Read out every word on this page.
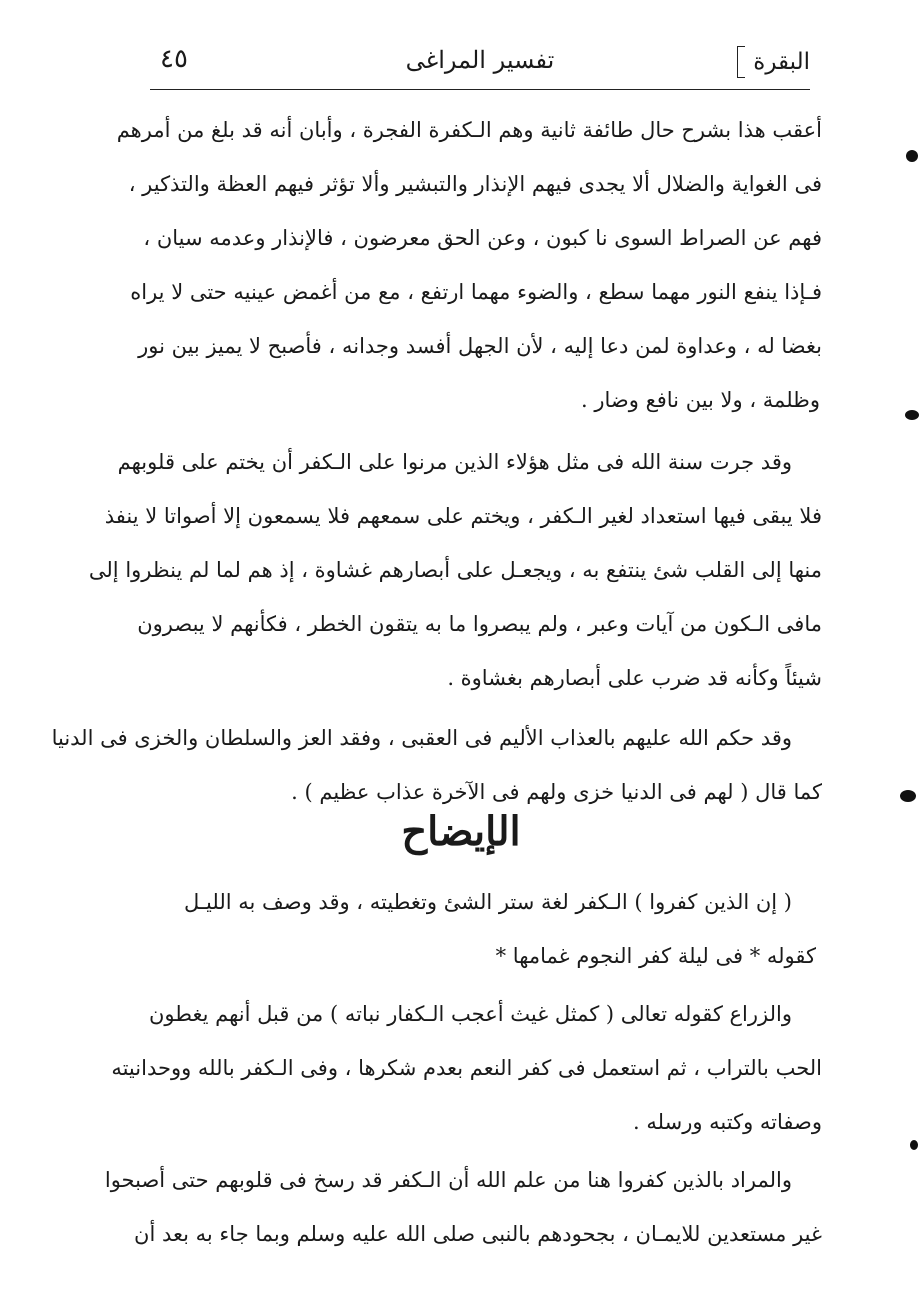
البقرة
تفسير المراغى
٤٥
أعقب هذا بشرح حال طائفة ثانية وهم الـكفرة الفجرة ، وأبان أنه قد بلغ من أمرهم
فى الغواية والضلال ألا يجدى فيهم الإنذار والتبشير وألا تؤثر فيهم العظة والتذكير ،
فهم عن الصراط السوى نا كبون ، وعن الحق معرضون ، فالإنذار وعدمه سيان ،
فـإذا ينفع النور مهما سطع ، والضوء مهما ارتفع ، مع من أغمض عينيه حتى لا يراه
بغضا له ، وعداوة لمن دعا إليه ، لأن الجهل أفسد وجدانه ، فأصبح لا يميز بين نور
وظلمة ، ولا بين نافع وضار .
وقد جرت سنة الله فى مثل هؤلاء الذين مرنوا على الـكفر أن يختم على قلوبهم
فلا يبقى فيها استعداد لغير الـكفر ، ويختم على سمعهم فلا يسمعون إلا أصواتا لا ينفذ
منها إلى القلب شئ ينتفع به ، ويجعـل على أبصارهم غشاوة ، إذ هم لما لم ينظروا إلى
مافى الـكون من آيات وعبر ، ولم يبصروا ما به يتقون الخطر ، فكأنهم لا يبصرون
شيئاً وكأنه قد ضرب على أبصارهم بغشاوة .
وقد حكم الله عليهم بالعذاب الأليم فى العقبى ، وفقد العز والسلطان والخزى فى الدنيا
كما قال ( لهم فى الدنيا خزى ولهم فى الآخرة عذاب عظيم ) .
الإيضاح
( إن الذين كفروا ) الـكفر لغة ستر الشئ وتغطيته ، وقد وصف به الليـل
كقوله * فى ليلة كفر النجوم غمامها *
والزراع كقوله تعالى ( كمثل غيث أعجب الـكفار نباته ) من قبل أنهم يغطون
الحب بالتراب ، ثم استعمل فى كفر النعم بعدم شكرها ، وفى الـكفر بالله ووحدانيته
وصفاته وكتبه ورسله .
والمراد بالذين كفروا هنا من علم الله أن الـكفر قد رسخ فى قلوبهم حتى أصبحوا
غير مستعدين للايمـان ، بجحودهم بالنبى صلى الله عليه وسلم وبما جاء به بعد أن
